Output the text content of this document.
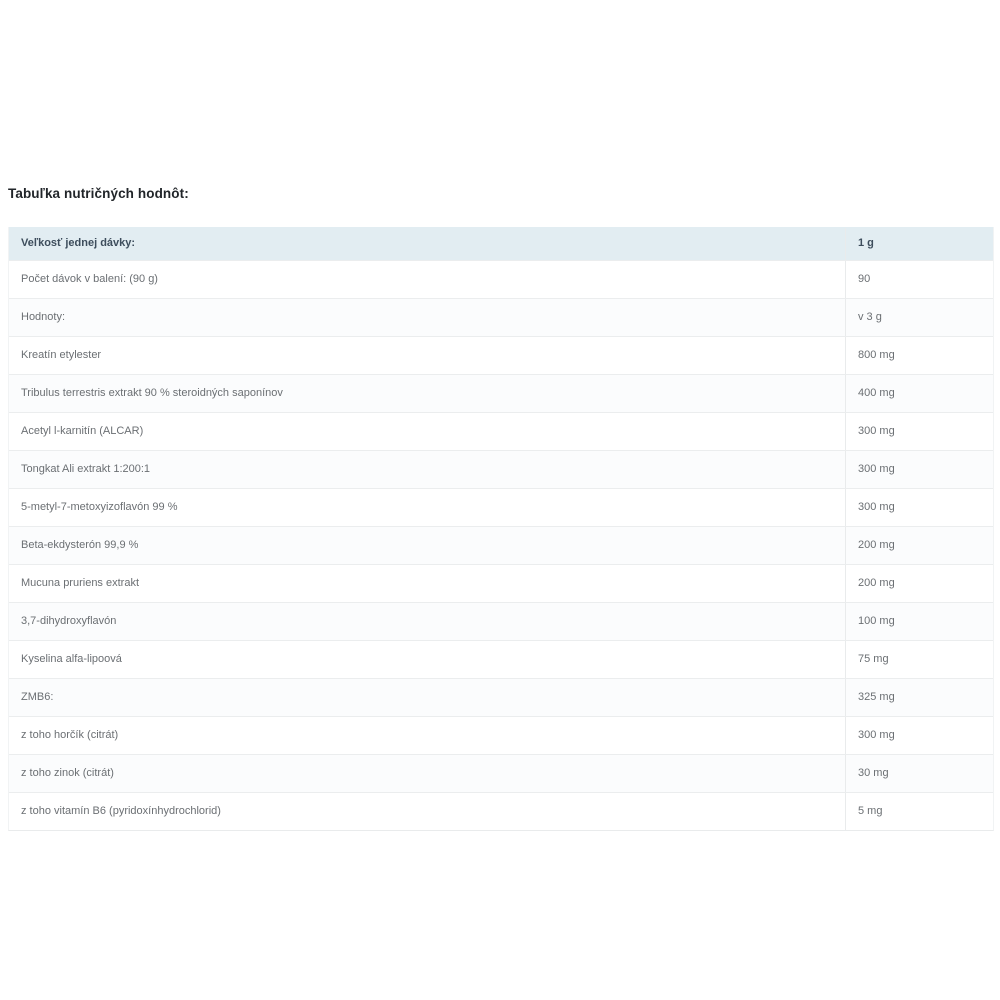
Tabuľka nutričných hodnôt:
Veľkosť jednej dávky:	1 g
Počet dávok v balení: (90 g)	90
Hodnoty:	v 3 g
Kreatín etylester	800 mg
Tribulus terrestris extrakt 90 % steroidných saponínov	400 mg
Acetyl l-karnitín (ALCAR)	300 mg
Tongkat Ali extrakt 1:200:1	300 mg
5-metyl-7-metoxyizoflavón 99 %	300 mg
Beta-ekdysterón 99,9 %	200 mg
Mucuna pruriens extrakt	200 mg
3,7-dihydroxyflavón	100 mg
Kyselina alfa-lipoová	75 mg
ZMB6:	325 mg
z toho horčík (citrát)	300 mg
z toho zinok (citrát)	30 mg
z toho vitamín B6 (pyridoxínhydrochlorid)	5 mg
